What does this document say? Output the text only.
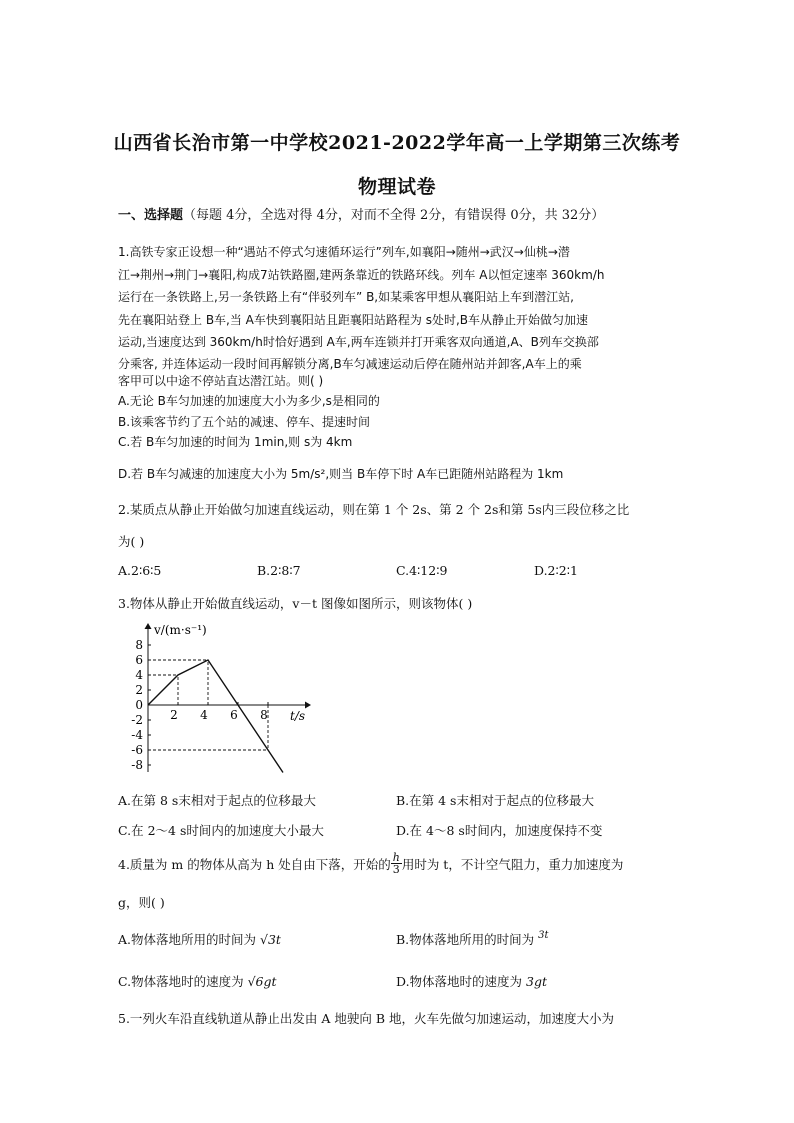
山西省长治市第一中学校2021-2022学年高一上学期第三次练考
物理试卷
一、选择题（每题 4分，全选对得 4分，对而不全得 2分，有错误得 0分，共 32分）
1.高铁专家正设想一种“遇站不停式匀速循环运行”列车,如襄阳→随州→武汉→仙桃→潜
江→荆州→荆门→襄阳,构成7站铁路圈,建两条靠近的铁路环线。列车 A以恒定速率 360km/h
运行在一条铁路上,另一条铁路上有“伴驳列车” B,如某乘客甲想从襄阳站上车到潜江站,
先在襄阳站登上 B车,当 A车快到襄阳站且距襄阳站路程为 s处时,B车从静止开始做匀加速
运动,当速度达到 360km/h时恰好遇到 A车,两车连锁并打开乘客双向通道,A、B列车交换部
分乘客, 并连体运动一段时间再解锁分离,B车匀减速运动后停在随州站并卸客,A车上的乘
客甲可以中途不停站直达潜江站。则( )
A.无论 B车匀加速的加速度大小为多少,s是相同的
B.该乘客节约了五个站的减速、停车、提速时间
C.若 B车匀加速的时间为 1min,则 s为 4km
D.若 B车匀减速的加速度大小为 5m/s²,则当 B车停下时 A车已距随州站路程为 1km
2.某质点从静止开始做匀加速直线运动，则在第 1 个 2s、第 2 个 2s和第 5s内三段位移之比
为( )
A.2∶6∶5	B.2∶8∶7	C.4∶12∶9	D.2∶2∶1
3.物体从静止开始做直线运动，v－t 图像如图所示，则该物体( )
v/(m·s⁻¹)
t/s
8
6
4
2
0
-2
-4
-6
-8
2 4 6 8
A.在第 8 s末相对于起点的位移最大	B.在第 4 s末相对于起点的位移最大
C.在 2～4 s时间内的加速度大小最大	D.在 4～8 s时间内，加速度保持不变
4.质量为 m 的物体从高为 h 处自由下落，开始的 $\frac{h}{3}$ 用时为 t，不计空气阻力，重力加速度为
g，则( )
A.物体落地所用的时间为 √3t	B.物体落地所用的时间为 $^{3t}$
C.物体落地时的速度为 √6gt	D.物体落地时的速度为 3gt
5.一列火车沿直线轨道从静止出发由 A 地驶向 B 地，火车先做匀加速运动，加速度大小为
